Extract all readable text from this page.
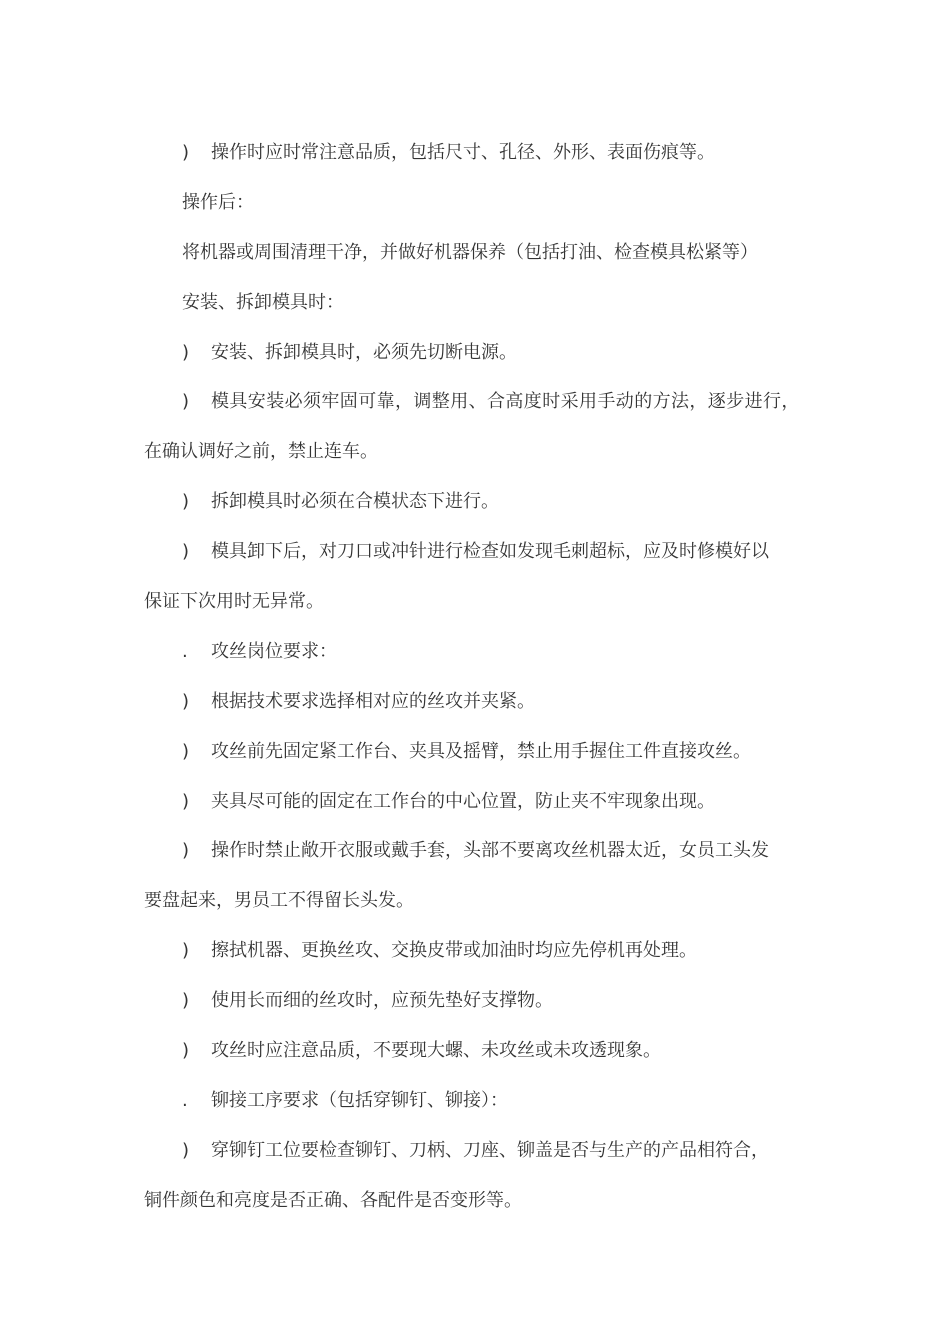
) 操作时应时常注意品质，包括尺寸、孔径、外形、表面伤痕等。
操作后：
将机器或周围清理干净，并做好机器保养（包括打油、检查模具松紧等）
安装、拆卸模具时：
) 安装、拆卸模具时，必须先切断电源。
) 模具安装必须牢固可靠，调整用、合高度时采用手动的方法，逐步进行，
在确认调好之前，禁止连车。
) 拆卸模具时必须在合模状态下进行。
) 模具卸下后，对刀口或冲针进行检查如发现毛刺超标，应及时修模好以
保证下次用时无异常。
. 攻丝岗位要求：
) 根据技术要求选择相对应的丝攻并夹紧。
) 攻丝前先固定紧工作台、夹具及摇臂，禁止用手握住工件直接攻丝。
) 夹具尽可能的固定在工作台的中心位置，防止夹不牢现象出现。
) 操作时禁止敞开衣服或戴手套，头部不要离攻丝机器太近，女员工头发
要盘起来，男员工不得留长头发。
) 擦拭机器、更换丝攻、交换皮带或加油时均应先停机再处理。
) 使用长而细的丝攻时，应预先垫好支撑物。
) 攻丝时应注意品质，不要现大螺、未攻丝或未攻透现象。
. 铆接工序要求（包括穿铆钉、铆接）：
) 穿铆钉工位要检查铆钉、刀柄、刀座、铆盖是否与生产的产品相符合，
铜件颜色和亮度是否正确、各配件是否变形等。
